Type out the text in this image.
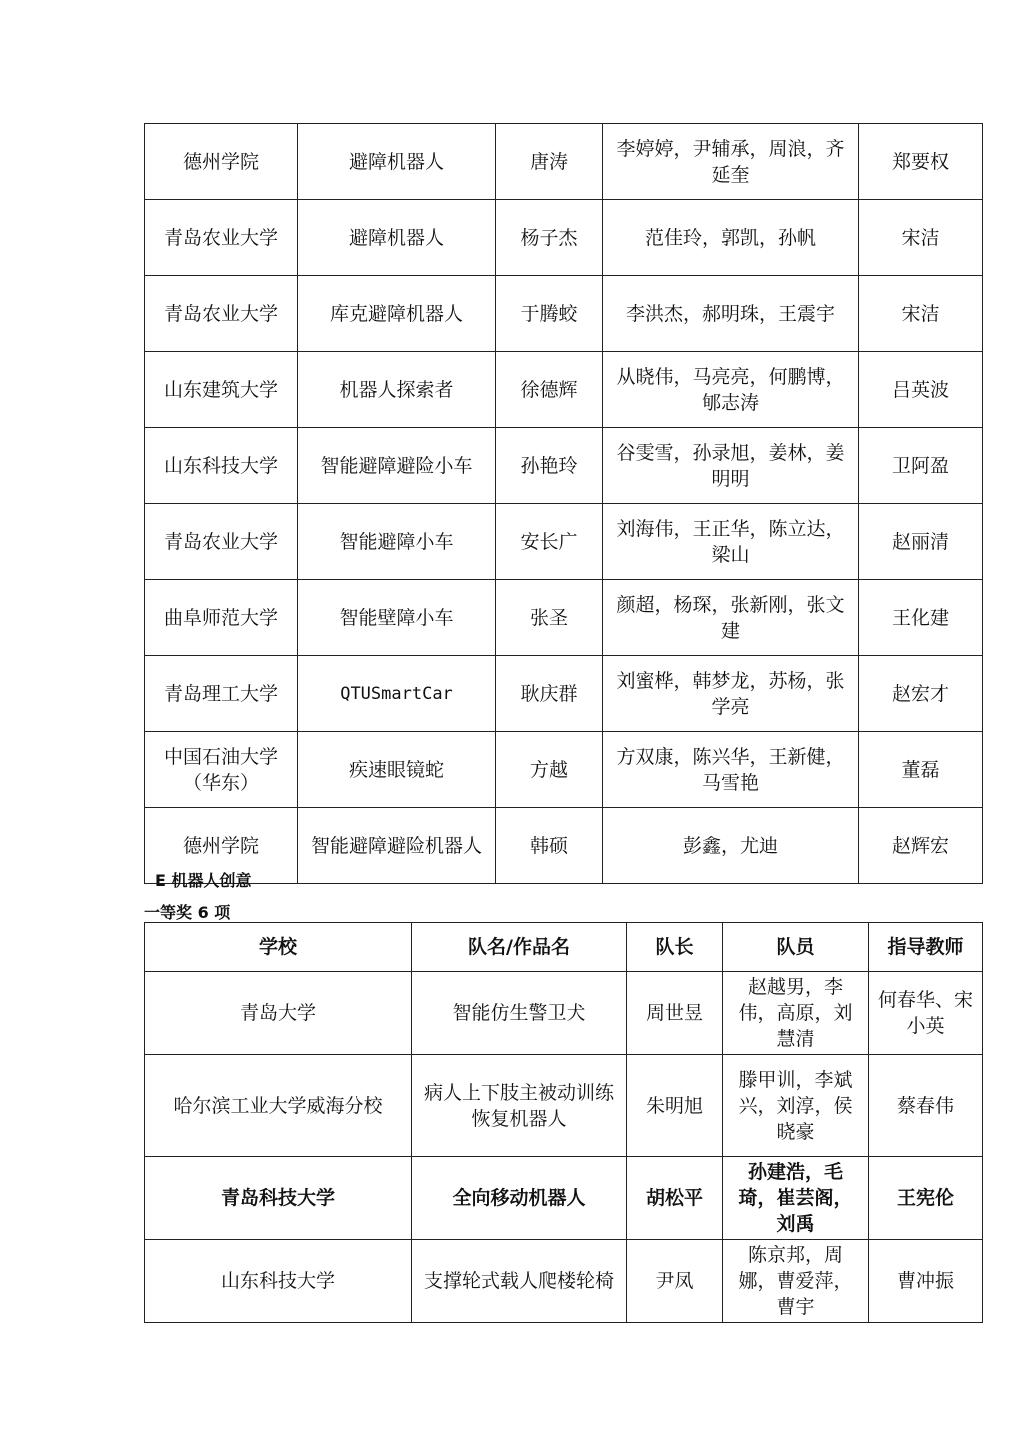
德州学院	避障机器人	唐涛	李婷婷，尹辅承，周浪，齐延奎	郑要权
青岛农业大学	避障机器人	杨子杰	范佳玲，郭凯，孙帆	宋洁
青岛农业大学	库克避障机器人	于腾蛟	李洪杰，郝明珠，王震宇	宋洁
山东建筑大学	机器人探索者	徐德辉	从晓伟，马亮亮，何鹏博，郇志涛	吕英波
山东科技大学	智能避障避险小车	孙艳玲	谷雯雪，孙录旭，姜林，姜明明	卫阿盈
青岛农业大学	智能避障小车	安长广	刘海伟，王正华，陈立达，梁山	赵丽清
曲阜师范大学	智能壁障小车	张圣	颜超，杨琛，张新刚，张文建	王化建
青岛理工大学	QTUSmartCar	耿庆群	刘蜜桦，韩梦龙，苏杨，张学亮	赵宏才
中国石油大学（华东）	疾速眼镜蛇	方越	方双康，陈兴华，王新健，马雪艳	董磊
德州学院	智能避障避险机器人	韩硕	彭鑫，尤迪	赵辉宏
E 机器人创意
一等奖 6 项
学校	队名/作品名	队长	队员	指导教师
青岛大学	智能仿生警卫犬	周世昱	赵越男，李伟，高原，刘慧清	何春华、宋小英
哈尔滨工业大学威海分校	病人上下肢主被动训练恢复机器人	朱明旭	滕甲训，李斌兴，刘淳，侯晓豪	蔡春伟
青岛科技大学	全向移动机器人	胡松平	孙建浩，毛琦，崔芸阁，刘禹	王宪伦
山东科技大学	支撑轮式载人爬楼轮椅	尹凤	陈京邦，周娜，曹爱萍，曹宇	曹冲振
